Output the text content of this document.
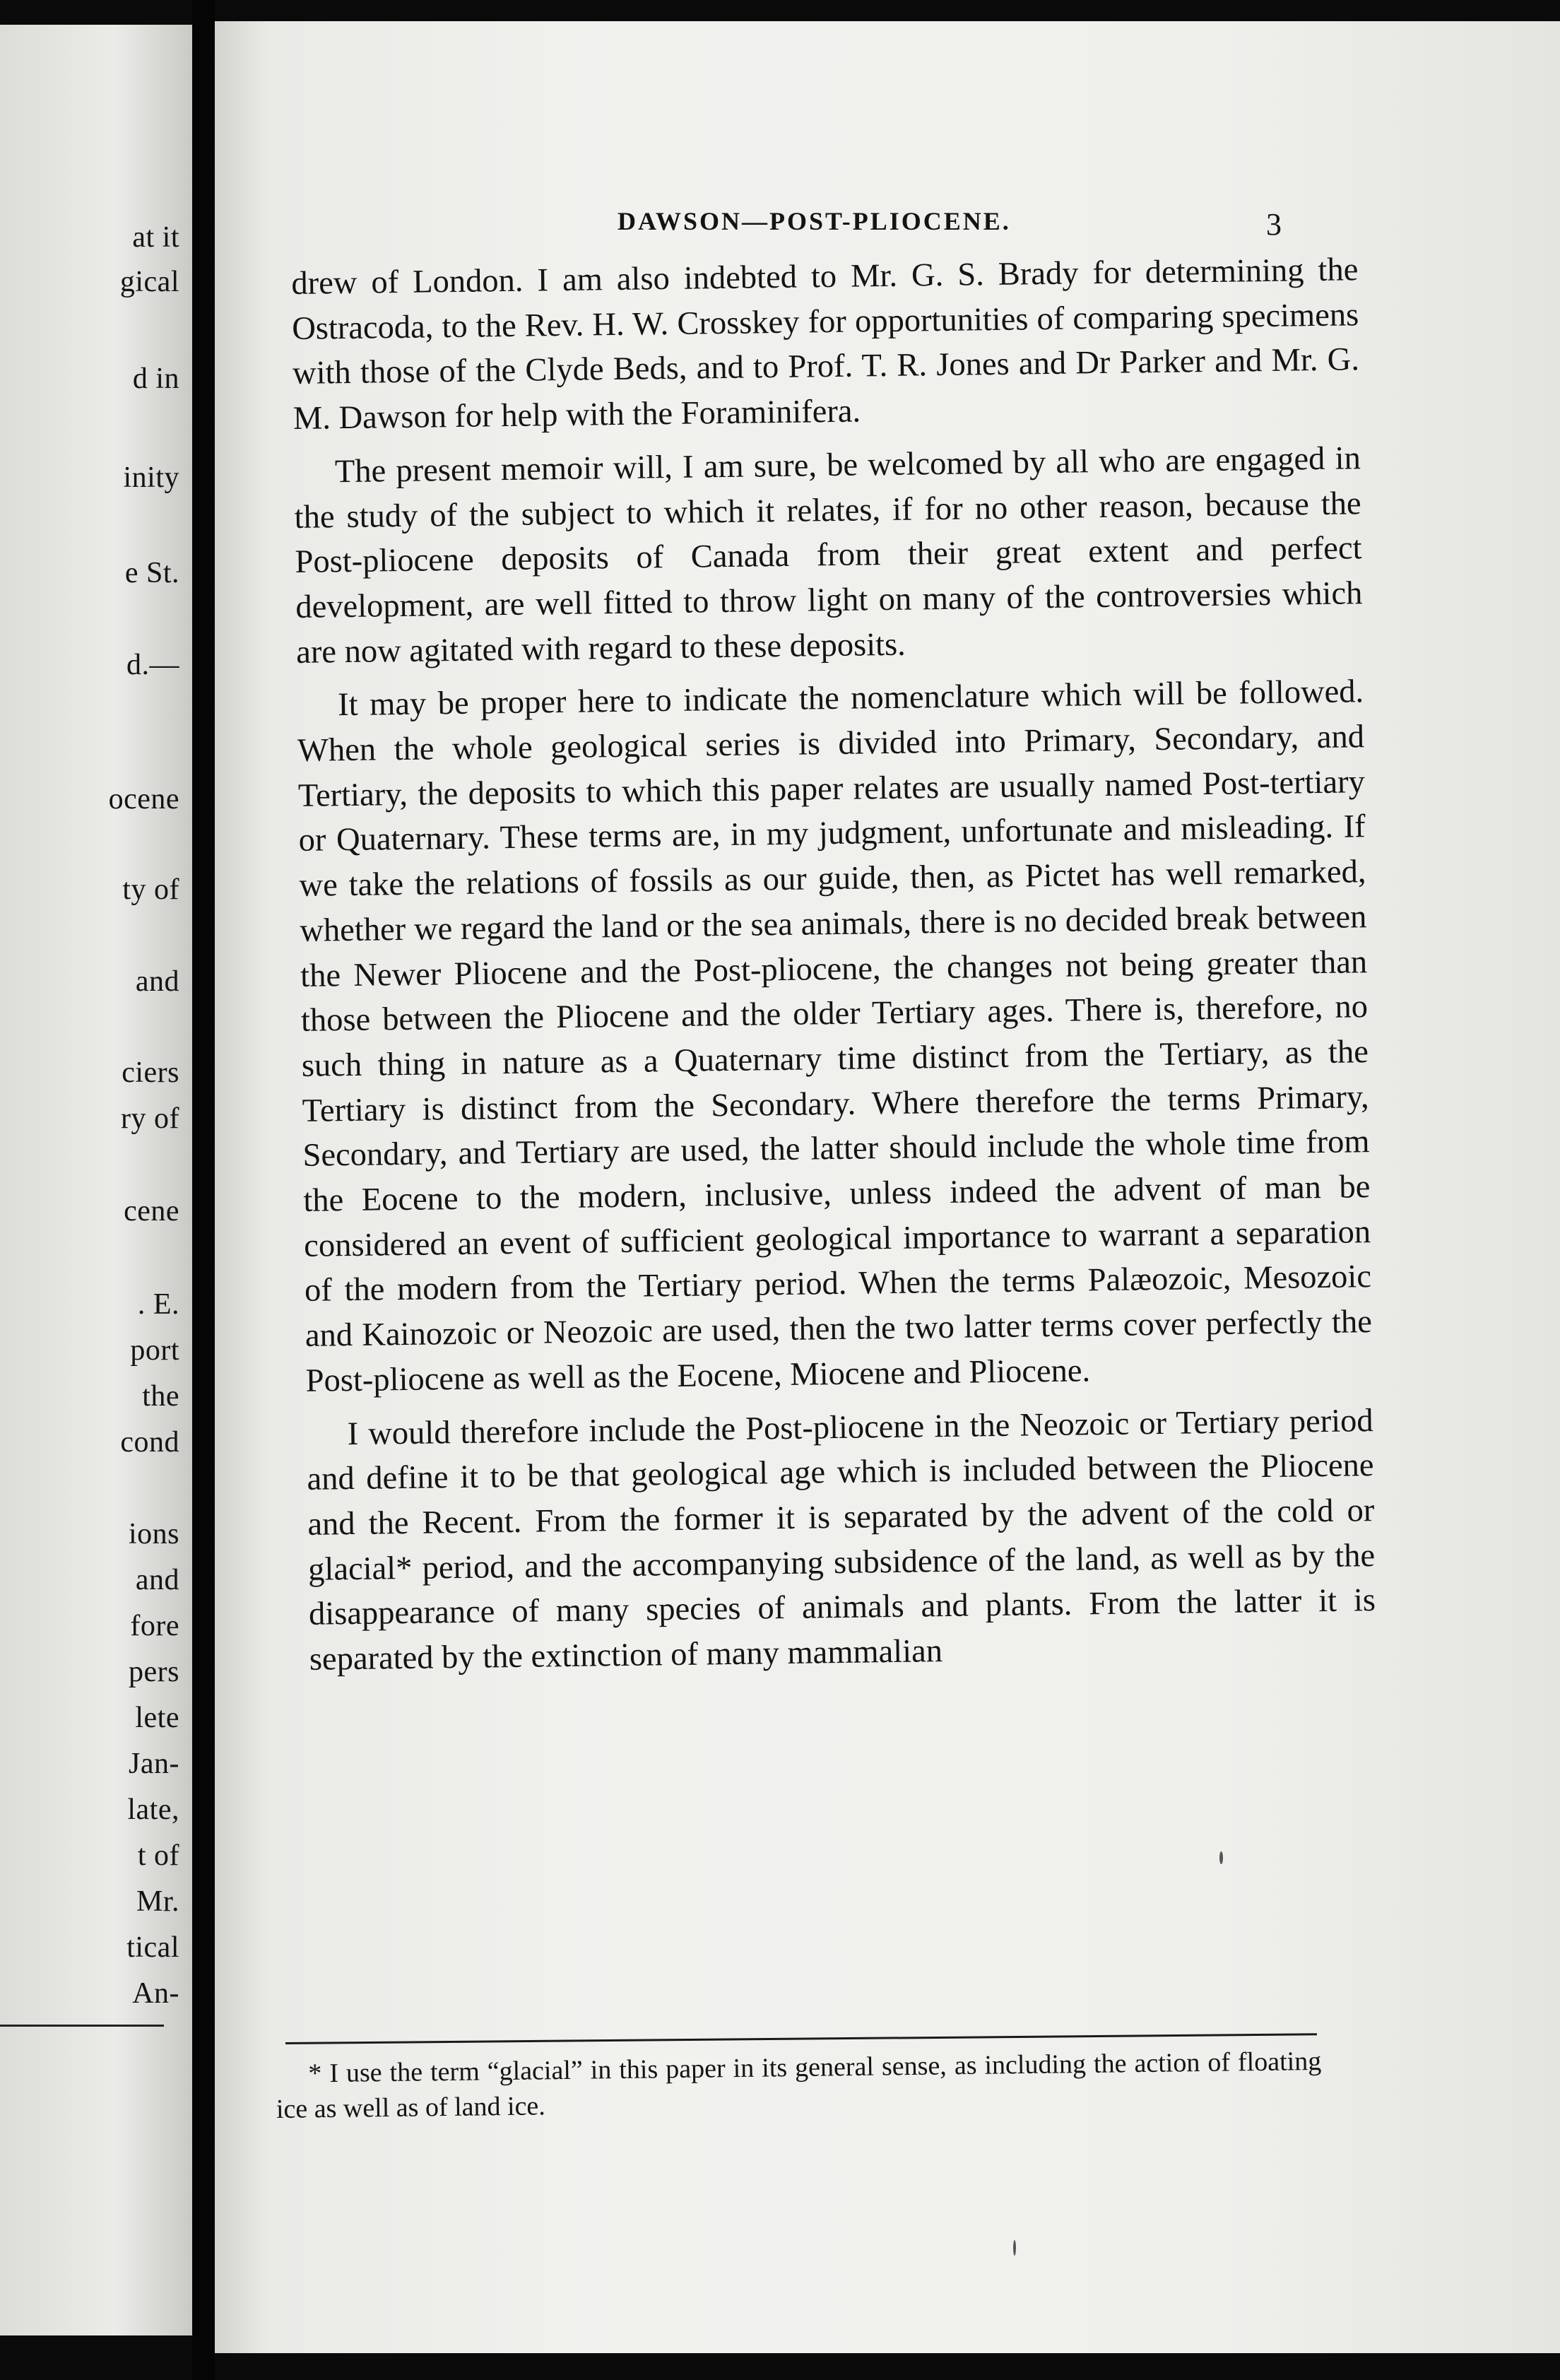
at it
gical
d in
inity
e St.
d.—
ocene
ty of
and
ciers
ry of
cene
. E.
port
the
cond
ions
and
fore
pers
lete
Jan-
late,
t of
Mr.
tical
An-
DAWSON—POST-PLIOCENE.	3

drew of London. I am also indebted to Mr. G. S. Brady for determining the Ostracoda, to the Rev. H. W. Crosskey for opportunities of comparing specimens with those of the Clyde Beds, and to Prof. T. R. Jones and Dr Parker and Mr. G. M. Dawson for help with the Foraminifera.

The present memoir will, I am sure, be welcomed by all who are engaged in the study of the subject to which it relates, if for no other reason, because the Post-pliocene deposits of Canada from their great extent and perfect development, are well fitted to throw light on many of the controversies which are now agitated with regard to these deposits.

It may be proper here to indicate the nomenclature which will be followed. When the whole geological series is divided into Primary, Secondary, and Tertiary, the deposits to which this paper relates are usually named Post-tertiary or Quaternary. These terms are, in my judgment, unfortunate and misleading. If we take the relations of fossils as our guide, then, as Pictet has well remarked, whether we regard the land or the sea animals, there is no decided break between the Newer Pliocene and the Post-pliocene, the changes not being greater than those between the Pliocene and the older Tertiary ages. There is, therefore, no such thing in nature as a Quaternary time distinct from the Tertiary, as the Tertiary is distinct from the Secondary. Where therefore the terms Primary, Secondary, and Tertiary are used, the latter should include the whole time from the Eocene to the modern, inclusive, unless indeed the advent of man be considered an event of sufficient geological importance to warrant a separation of the modern from the Tertiary period. When the terms Palæozoic, Mesozoic and Kainozoic or Neozoic are used, then the two latter terms cover perfectly the Post-pliocene as well as the Eocene, Miocene and Pliocene.

I would therefore include the Post-pliocene in the Neozoic or Tertiary period and define it to be that geological age which is included between the Pliocene and the Recent. From the former it is separated by the advent of the cold or glacial* period, and the accompanying subsidence of the land, as well as by the disappearance of many species of animals and plants. From the latter it is separated by the extinction of many mammalian

* I use the term “glacial” in this paper in its general sense, as including the action of floating ice as well as of land ice.
